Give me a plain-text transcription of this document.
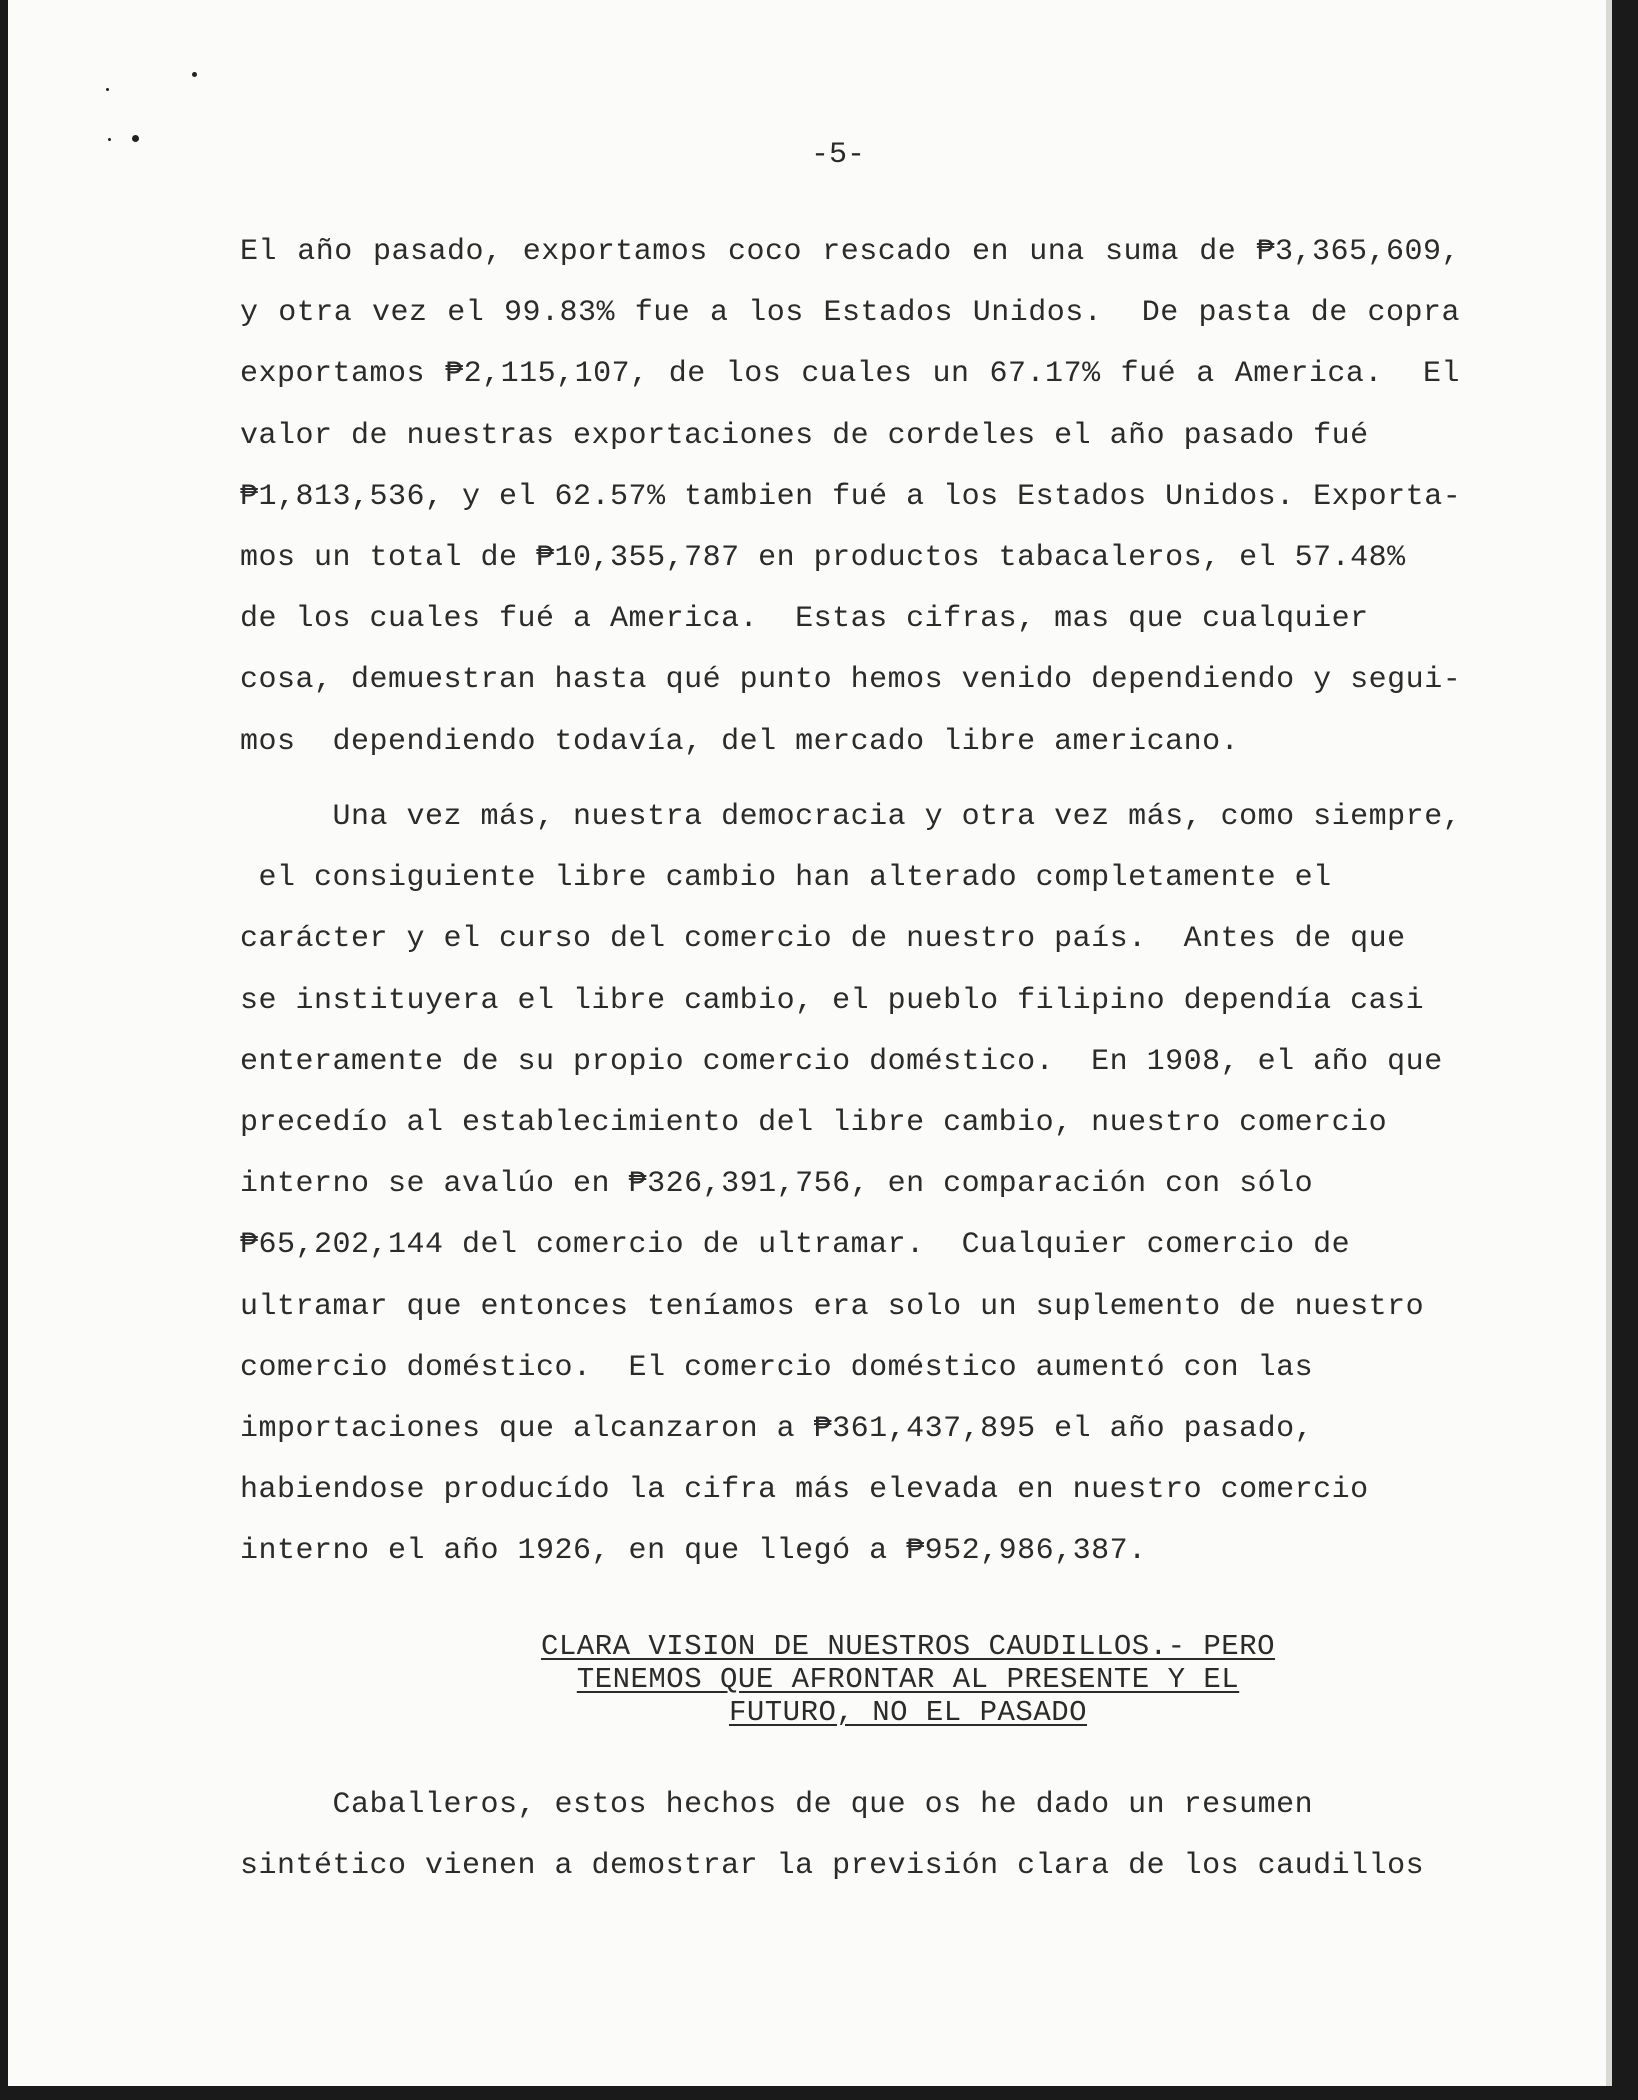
-5-
El año pasado, exportamos coco rescado en una suma de ₱3,365,609,
y otra vez el 99.83% fue a los Estados Unidos.  De pasta de copra
exportamos ₱2,115,107, de los cuales un 67.17% fué a America.  El
valor de nuestras exportaciones de cordeles el año pasado fué
₱1,813,536, y el 62.57% tambien fué a los Estados Unidos. Exporta-
mos un total de ₱10,355,787 en productos tabacaleros, el 57.48%
de los cuales fué a America.  Estas cifras, mas que cualquier
cosa, demuestran hasta qué punto hemos venido dependiendo y segui-
mos  dependiendo todavía, del mercado libre americano.
Una vez más, nuestra democracia y otra vez más, como siempre,
el consiguiente libre cambio han alterado completamente el
carácter y el curso del comercio de nuestro país.  Antes de que
se instituyera el libre cambio, el pueblo filipino dependía casi
enteramente de su propio comercio doméstico.  En 1908, el año que
precedío al establecimiento del libre cambio, nuestro comercio
interno se avalúo en ₱326,391,756, en comparación con sólo
₱65,202,144 del comercio de ultramar.  Cualquier comercio de
ultramar que entonces teníamos era solo un suplemento de nuestro
comercio doméstico.  El comercio doméstico aumentó con las
importaciones que alcanzaron a ₱361,437,895 el año pasado,
habiendose producído la cifra más elevada en nuestro comercio
interno el año 1926, en que llegó a ₱952,986,387.
CLARA VISION DE NUESTROS CAUDILLOS.- PERO
TENEMOS QUE AFRONTAR AL PRESENTE Y EL
FUTURO, NO EL PASADO
Caballeros, estos hechos de que os he dado un resumen
sintético vienen a demostrar la previsión clara de los caudillos
